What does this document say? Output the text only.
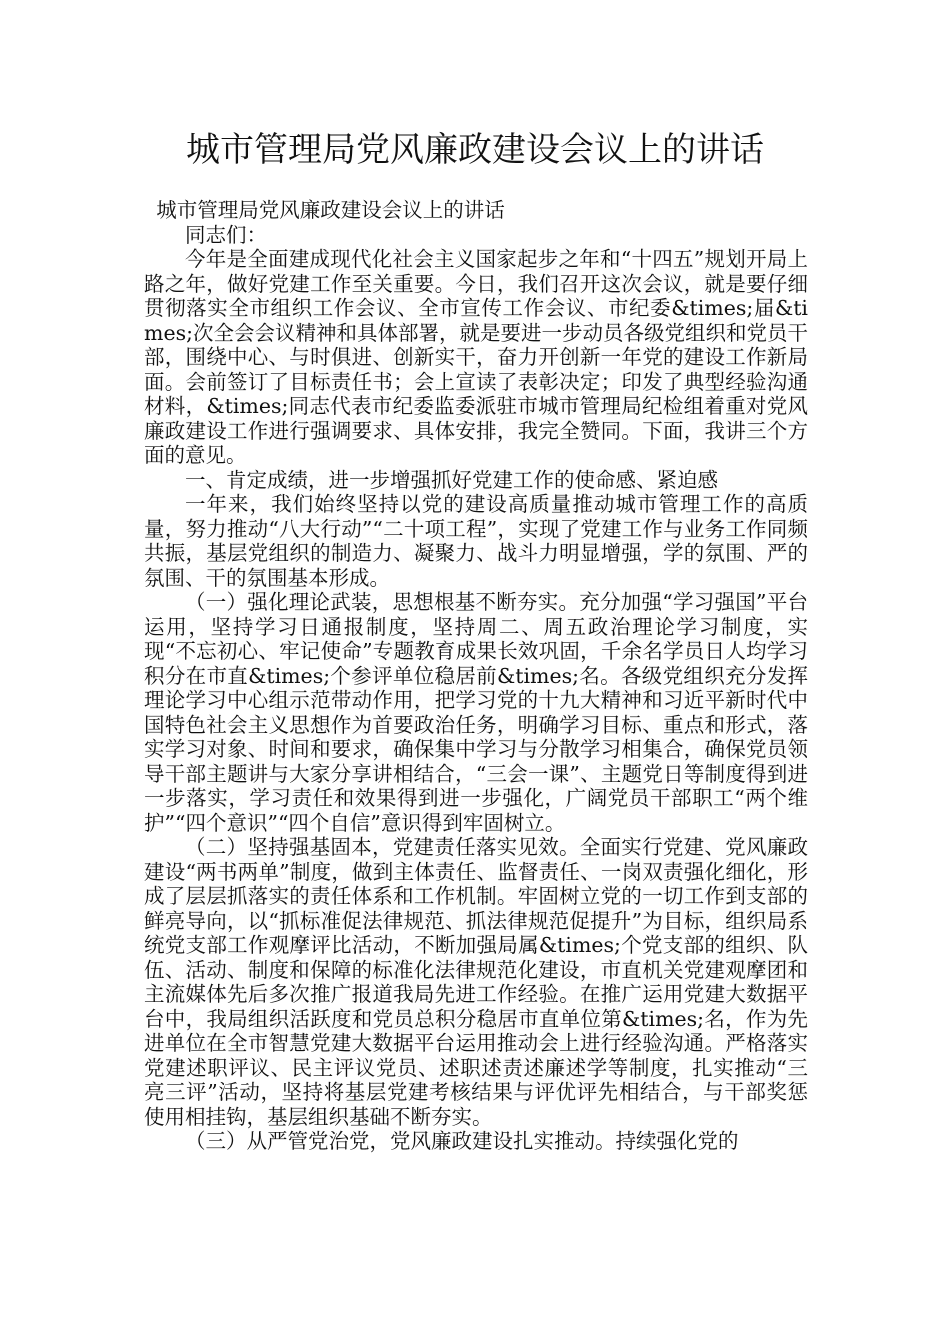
城市管理局党风廉政建设会议上的讲话

城市管理局党风廉政建设会议上的讲话

同志们：

今年是全面建成现代化社会主义国家起步之年和“十四五”规划开局上路之年，做好党建工作至关重要。今日，我们召开这次会议，就是要仔细贯彻落实全市组织工作会议、全市宣传工作会议、市纪委&times;届&times;次全会会议精神和具体部署，就是要进一步动员各级党组织和党员干部，围绕中心、与时俱进、创新实干，奋力开创新一年党的建设工作新局面。会前签订了目标责任书；会上宣读了表彰决定；印发了典型经验沟通材料，&times;同志代表市纪委监委派驻市城市管理局纪检组着重对党风廉政建设工作进行强调要求、具体安排，我完全赞同。下面，我讲三个方面的意见。

一、肯定成绩，进一步增强抓好党建工作的使命感、紧迫感

一年来，我们始终坚持以党的建设高质量推动城市管理工作的高质量，努力推动“八大行动”“二十项工程”，实现了党建工作与业务工作同频共振，基层党组织的制造力、凝聚力、战斗力明显增强，学的氛围、严的氛围、干的氛围基本形成。

（一）强化理论武装，思想根基不断夯实。充分加强“学习强国”平台运用，坚持学习日通报制度，坚持周二、周五政治理论学习制度，实现“不忘初心、牢记使命”专题教育成果长效巩固，千余名学员日人均学习积分在市直&times;个参评单位稳居前&times;名。各级党组织充分发挥理论学习中心组示范带动作用，把学习党的十九大精神和习近平新时代中国特色社会主义思想作为首要政治任务，明确学习目标、重点和形式，落实学习对象、时间和要求，确保集中学习与分散学习相集合，确保党员领导干部主题讲与大家分享讲相结合，“三会一课”、主题党日等制度得到进一步落实，学习责任和效果得到进一步强化，广阔党员干部职工“两个维护”“四个意识”“四个自信”意识得到牢固树立。

（二）坚持强基固本，党建责任落实见效。全面实行党建、党风廉政建设“两书两单”制度，做到主体责任、监督责任、一岗双责强化细化，形成了层层抓落实的责任体系和工作机制。牢固树立党的一切工作到支部的鲜亮导向，以“抓标准促法律规范、抓法律规范促提升”为目标，组织局系统党支部工作观摩评比活动，不断加强局属&times;个党支部的组织、队伍、活动、制度和保障的标准化法律规范化建设，市直机关党建观摩团和主流媒体先后多次推广报道我局先进工作经验。在推广运用党建大数据平台中，我局组织活跃度和党员总积分稳居市直单位第&times;名，作为先进单位在全市智慧党建大数据平台运用推动会上进行经验沟通。严格落实党建述职评议、民主评议党员、述职述责述廉述学等制度，扎实推动“三亮三评”活动，坚持将基层党建考核结果与评优评先相结合，与干部奖惩使用相挂钩，基层组织基础不断夯实。

（三）从严管党治党，党风廉政建设扎实推动。持续强化党的
